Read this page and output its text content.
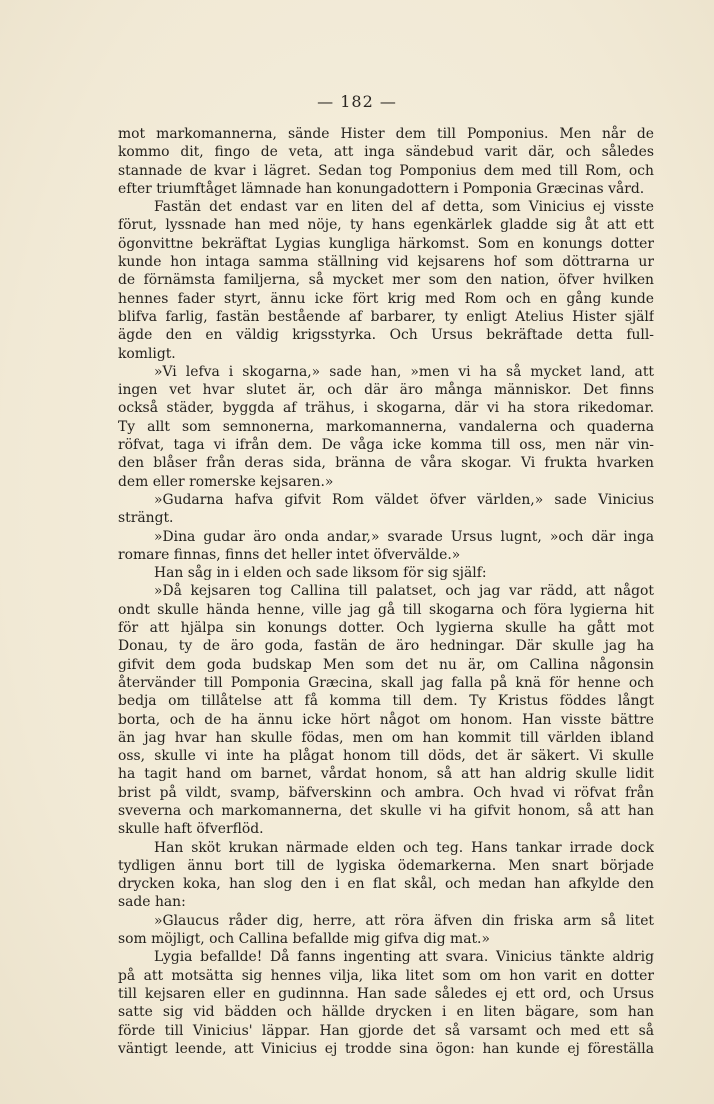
— 182 —

mot markomannerna, sände Hister dem till Pomponius. Men når de

kommo dit, fingo de veta, att inga sändebud varit där, och således

stannade de kvar i lägret. Sedan tog Pomponius dem med till Rom, och

efter triumftåget lämnade han konungadottern i Pomponia Græcinas vård.

Fastän det endast var en liten del af detta, som Vinicius ej visste

förut, lyssnade han med nöje, ty hans egenkärlek gladde sig åt att ett

ögonvittne bekräftat Lygias kungliga härkomst. Som en konungs dotter

kunde hon intaga samma ställning vid kejsarens hof som döttrarna ur

de förnämsta familjerna, så mycket mer som den nation, öfver hvilken

hennes fader styrt, ännu icke fört krig med Rom och en gång kunde

blifva farlig, fastän bestående af barbarer, ty enligt Atelius Hister själf

ägde den en väldig krigsstyrka. Och Ursus bekräftade detta full-

komligt.

»Vi lefva i skogarna,» sade han, »men vi ha så mycket land, att

ingen vet hvar slutet är, och där äro många människor. Det finns

också städer, byggda af trähus, i skogarna, där vi ha stora rikedomar.

Ty allt som semnonerna, markomannerna, vandalerna och quaderna

röfvat, taga vi ifrån dem. De våga icke komma till oss, men när vin-

den blåser från deras sida, bränna de våra skogar. Vi frukta hvarken

dem eller romerske kejsaren.»

»Gudarna hafva gifvit Rom väldet öfver världen,» sade Vinicius

strängt.

»Dina gudar äro onda andar,» svarade Ursus lugnt, »och där inga

romare finnas, finns det heller intet öfvervälde.»

Han såg in i elden och sade liksom för sig själf:

»Då kejsaren tog Callina till palatset, och jag var rädd, att något

ondt skulle hända henne, ville jag gå till skogarna och föra lygierna hit

för att hjälpa sin konungs dotter. Och lygierna skulle ha gått mot

Donau, ty de äro goda, fastän de äro hedningar. Där skulle jag ha

gifvit dem goda budskap Men som det nu är, om Callina någonsin

återvänder till Pomponia Græcina, skall jag falla på knä för henne och

bedja om tillåtelse att få komma till dem. Ty Kristus föddes långt

borta, och de ha ännu icke hört något om honom. Han visste bättre

än jag hvar han skulle födas, men om han kommit till världen ibland

oss, skulle vi inte ha plågat honom till döds, det är säkert. Vi skulle

ha tagit hand om barnet, vårdat honom, så att han aldrig skulle lidit

brist på vildt, svamp, bäfverskinn och ambra. Och hvad vi röfvat från

sveverna och markomannerna, det skulle vi ha gifvit honom, så att han

skulle haft öfverflöd.

Han sköt krukan närmade elden och teg. Hans tankar irrade dock

tydligen ännu bort till de lygiska ödemarkerna. Men snart började

drycken koka, han slog den i en flat skål, och medan han afkylde den

sade han:

»Glaucus råder dig, herre, att röra äfven din friska arm så litet

som möjligt, och Callina befallde mig gifva dig mat.»

Lygia befallde! Då fanns ingenting att svara. Vinicius tänkte aldrig

på att motsätta sig hennes vilja, lika litet som om hon varit en dotter

till kejsaren eller en gudinnna. Han sade således ej ett ord, och Ursus

satte sig vid bädden och hällde drycken i en liten bägare, som han

förde till Vinicius' läppar. Han gjorde det så varsamt och med ett så

väntigt leende, att Vinicius ej trodde sina ögon: han kunde ej föreställa
